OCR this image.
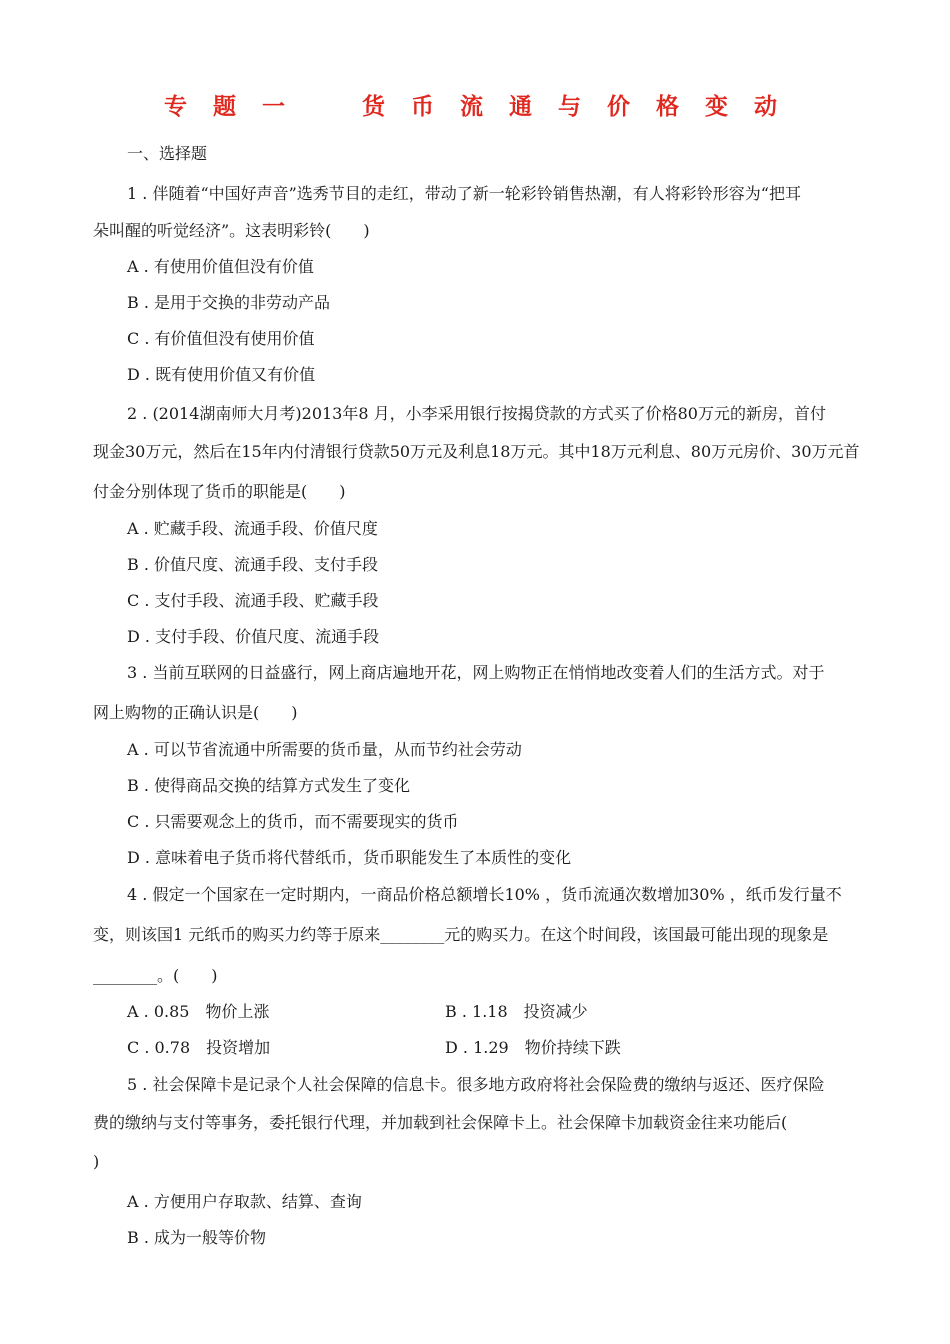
专 题 一    货 币 流 通 与 价 格 变 动
一、选择题
1 . 伴随着“中国好声音”选秀节目的走红，带动了新一轮彩铃销售热潮，有人将彩铃形容为“把耳
朵叫醒的听觉经济”。这表明彩铃(　　)
A . 有使用价值但没有价值
B . 是用于交换的非劳动产品
C . 有价值但没有使用价值
D . 既有使用价值又有价值
2 . (2014湖南师大月考)2013年8 月，小李采用银行按揭贷款的方式买了价格80万元的新房，首付
现金30万元，然后在15年内付清银行贷款50万元及利息18万元。其中18万元利息、80万元房价、30万元首
付金分别体现了货币的职能是(　　)
A . 贮藏手段、流通手段、价值尺度
B . 价值尺度、流通手段、支付手段
C . 支付手段、流通手段、贮藏手段
D . 支付手段、价值尺度、流通手段
3 . 当前互联网的日益盛行，网上商店遍地开花，网上购物正在悄悄地改变着人们的生活方式。对于
网上购物的正确认识是(　　)
A . 可以节省流通中所需要的货币量，从而节约社会劳动
B . 使得商品交换的结算方式发生了变化
C . 只需要观念上的货币，而不需要现实的货币
D . 意味着电子货币将代替纸币，货币职能发生了本质性的变化
4 . 假定一个国家在一定时期内，一商品价格总额增长10% ，货币流通次数增加30% ，纸币发行量不
变，则该国1 元纸币的购买力约等于原来________元的购买力。在这个时间段，该国最可能出现的现象是
________。(　　)
A . 0.85　物价上涨	B . 1.18　投资减少
C . 0.78　投资增加	D . 1.29　物价持续下跌
5 . 社会保障卡是记录个人社会保障的信息卡。很多地方政府将社会保险费的缴纳与返还、医疗保险
费的缴纳与支付等事务，委托银行代理，并加载到社会保障卡上。社会保障卡加载资金往来功能后(
)
A . 方便用户存取款、结算、查询
B . 成为一般等价物
